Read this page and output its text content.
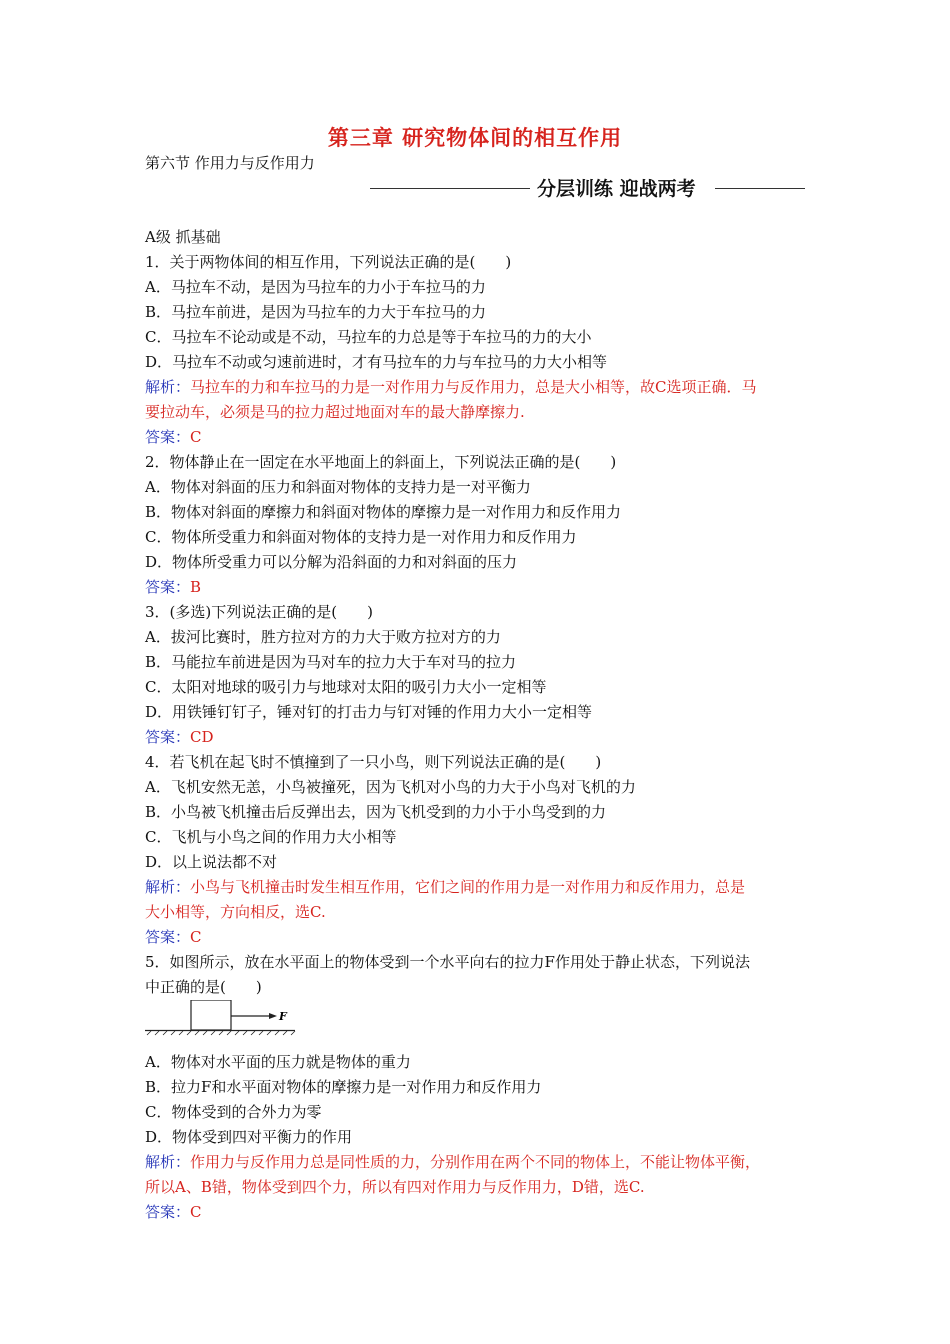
第三章 研究物体间的相互作用
第六节 作用力与反作用力
分层训练 迎战两考
A级 抓基础
1．关于两物体间的相互作用，下列说法正确的是(　　)
A．马拉车不动，是因为马拉车的力小于车拉马的力
B．马拉车前进，是因为马拉车的力大于车拉马的力
C．马拉车不论动或是不动，马拉车的力总是等于车拉马的力的大小
D．马拉车不动或匀速前进时，才有马拉车的力与车拉马的力大小相等
解析：马拉车的力和车拉马的力是一对作用力与反作用力，总是大小相等，故C选项正确．马
要拉动车，必须是马的拉力超过地面对车的最大静摩擦力.
答案：C
2．物体静止在一固定在水平地面上的斜面上，下列说法正确的是(　　)
A．物体对斜面的压力和斜面对物体的支持力是一对平衡力
B．物体对斜面的摩擦力和斜面对物体的摩擦力是一对作用力和反作用力
C．物体所受重力和斜面对物体的支持力是一对作用力和反作用力
D．物体所受重力可以分解为沿斜面的力和对斜面的压力
答案：B
3．(多选)下列说法正确的是(　　)
A．拔河比赛时，胜方拉对方的力大于败方拉对方的力
B．马能拉车前进是因为马对车的拉力大于车对马的拉力
C．太阳对地球的吸引力与地球对太阳的吸引力大小一定相等
D．用铁锤钉钉子，锤对钉的打击力与钉对锤的作用力大小一定相等
答案：CD
4．若飞机在起飞时不慎撞到了一只小鸟，则下列说法正确的是(　　)
A．飞机安然无恙，小鸟被撞死，因为飞机对小鸟的力大于小鸟对飞机的力
B．小鸟被飞机撞击后反弹出去，因为飞机受到的力小于小鸟受到的力
C．飞机与小鸟之间的作用力大小相等
D．以上说法都不对
解析：小鸟与飞机撞击时发生相互作用，它们之间的作用力是一对作用力和反作用力，总是
大小相等，方向相反，选C.
答案：C
5．如图所示，放在水平面上的物体受到一个水平向右的拉力F作用处于静止状态，下列说法
中正确的是(　　)
F
A．物体对水平面的压力就是物体的重力
B．拉力F和水平面对物体的摩擦力是一对作用力和反作用力
C．物体受到的合外力为零
D．物体受到四对平衡力的作用
解析：作用力与反作用力总是同性质的力，分别作用在两个不同的物体上，不能让物体平衡，
所以A、B错，物体受到四个力，所以有四对作用力与反作用力，D错，选C.
答案：C
